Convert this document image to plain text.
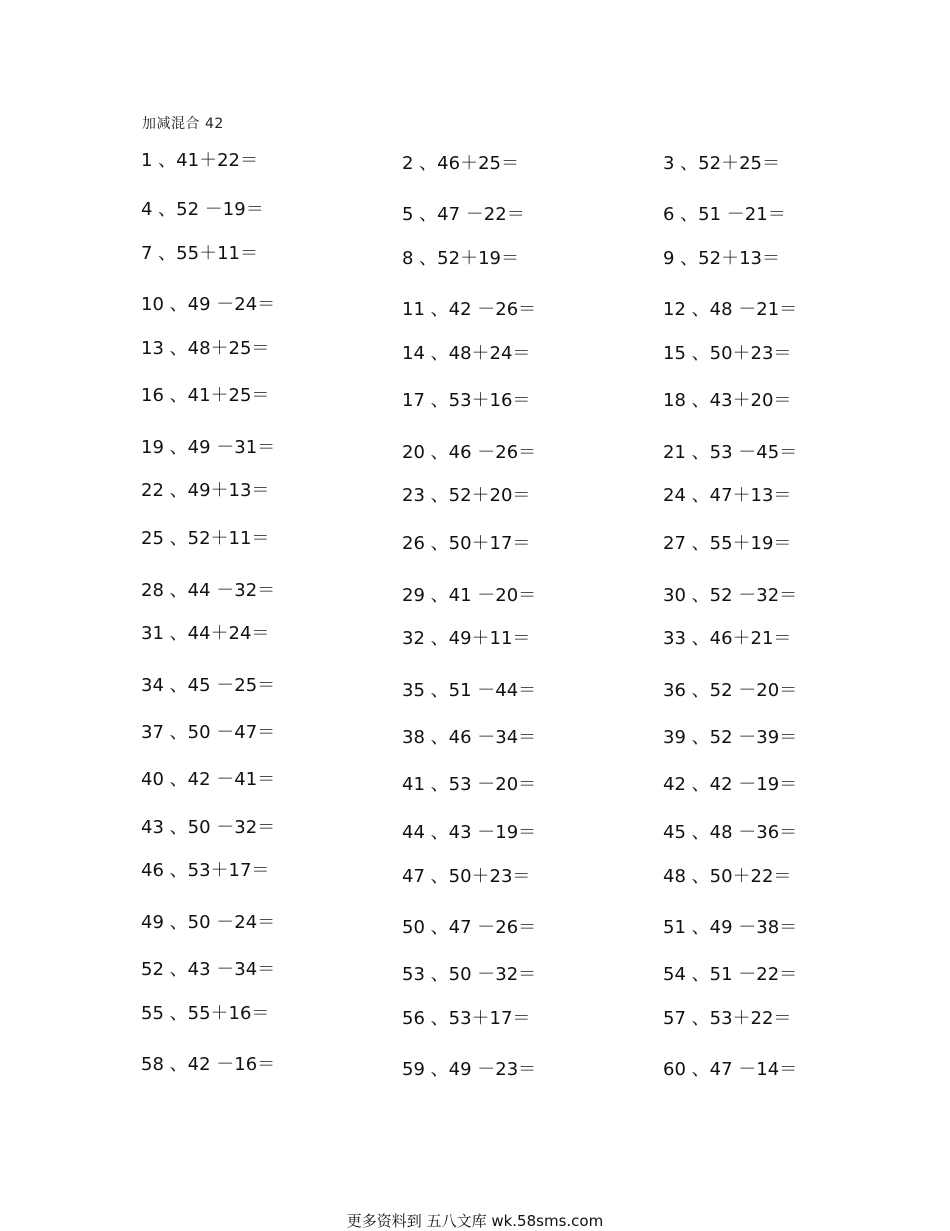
加减混合 42
1 、41＋22＝	2 、46＋25＝	3 、52＋25＝
4 、52 －19＝	5 、47 －22＝	6 、51 －21＝
7 、55＋11＝	8 、52＋19＝	9 、52＋13＝
10 、49 －24＝	11 、42 －26＝	12 、48 －21＝
13 、48＋25＝	14 、48＋24＝	15 、50＋23＝
16 、41＋25＝	17 、53＋16＝	18 、43＋20＝
19 、49 －31＝	20 、46 －26＝	21 、53 －45＝
22 、49＋13＝	23 、52＋20＝	24 、47＋13＝
25 、52＋11＝	26 、50＋17＝	27 、55＋19＝
28 、44 －32＝	29 、41 －20＝	30 、52 －32＝
31 、44＋24＝	32 、49＋11＝	33 、46＋21＝
34 、45 －25＝	35 、51 －44＝	36 、52 －20＝
37 、50 －47＝	38 、46 －34＝	39 、52 －39＝
40 、42 －41＝	41 、53 －20＝	42 、42 －19＝
43 、50 －32＝	44 、43 －19＝	45 、48 －36＝
46 、53＋17＝	47 、50＋23＝	48 、50＋22＝
49 、50 －24＝	50 、47 －26＝	51 、49 －38＝
52 、43 －34＝	53 、50 －32＝	54 、51 －22＝
55 、55＋16＝	56 、53＋17＝	57 、53＋22＝
58 、42 －16＝	59 、49 －23＝	60 、47 －14＝
更多资料到 五八文库 wk.58sms.com
